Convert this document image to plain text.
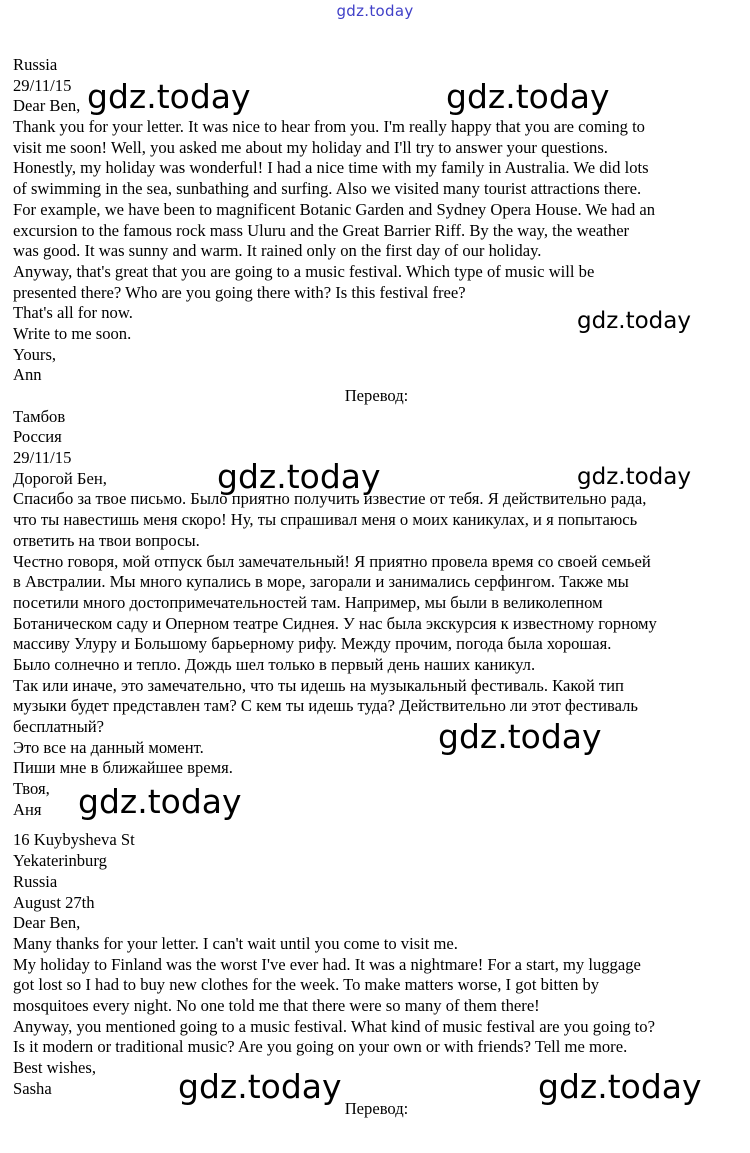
gdz.today
Russia
29/11/15
Dear Ben,
Thank you for your letter. It was nice to hear from you. I'm really happy that you are coming to
visit me soon! Well, you asked me about my holiday and I'll try to answer your questions.
Honestly, my holiday was wonderful! I had a nice time with my family in Australia. We did lots
of swimming in the sea, sunbathing and surfing. Also we visited many tourist attractions there.
For example, we have been to magnificent Botanic Garden and Sydney Opera House. We had an
excursion to the famous rock mass Uluru and the Great Barrier Riff. By the way, the weather
was good. It was sunny and warm. It rained only on the first day of our holiday.
Anyway, that's great that you are going to a music festival. Which type of music will be
presented there? Who are you going there with? Is this festival free?
That's all for now.
Write to me soon.
Yours,
Ann
Перевод:
Тамбов
Россия
29/11/15
Дорогой Бен,
Спасибо за твое письмо. Было приятно получить известие от тебя. Я действительно рада,
что ты навестишь меня скоро! Ну, ты спрашивал меня о моих каникулах, и я попытаюсь
ответить на твои вопросы.
Честно говоря, мой отпуск был замечательный! Я приятно провела время со своей семьей
в Австралии. Мы много купались в море, загорали и занимались серфингом. Также мы
посетили много достопримечательностей там. Например, мы были в великолепном
Ботаническом саду и Оперном театре Сиднея. У нас была экскурсия к известному горному
массиву Улуру и Большому барьерному рифу. Между прочим, погода была хорошая.
Было солнечно и тепло. Дождь шел только в первый день наших каникул.
Так или иначе, это замечательно, что ты идешь на музыкальный фестиваль. Какой тип
музыки будет представлен там? С кем ты идешь туда? Действительно ли этот фестиваль
бесплатный?
Это все на данный момент.
Пиши мне в ближайшее время.
Твоя,
Аня
16 Kuybysheva St
Yekaterinburg
Russia
August 27th
Dear Ben,
Many thanks for your letter. I can't wait until you come to visit me.
My holiday to Finland was the worst I've ever had. It was a nightmare! For a start, my luggage
got lost so I had to buy new clothes for the week. To make matters worse, I got bitten by
mosquitoes every night. No one told me that there were so many of them there!
Anyway, you mentioned going to a music festival. What kind of music festival are you going to?
Is it modern or traditional music? Are you going on your own or with friends? Tell me more.
Best wishes,
Sasha
Перевод:
gdz.today	gdz.today
gdz.today
gdz.today	gdz.today
gdz.today
gdz.today
gdz.today	gdz.today
